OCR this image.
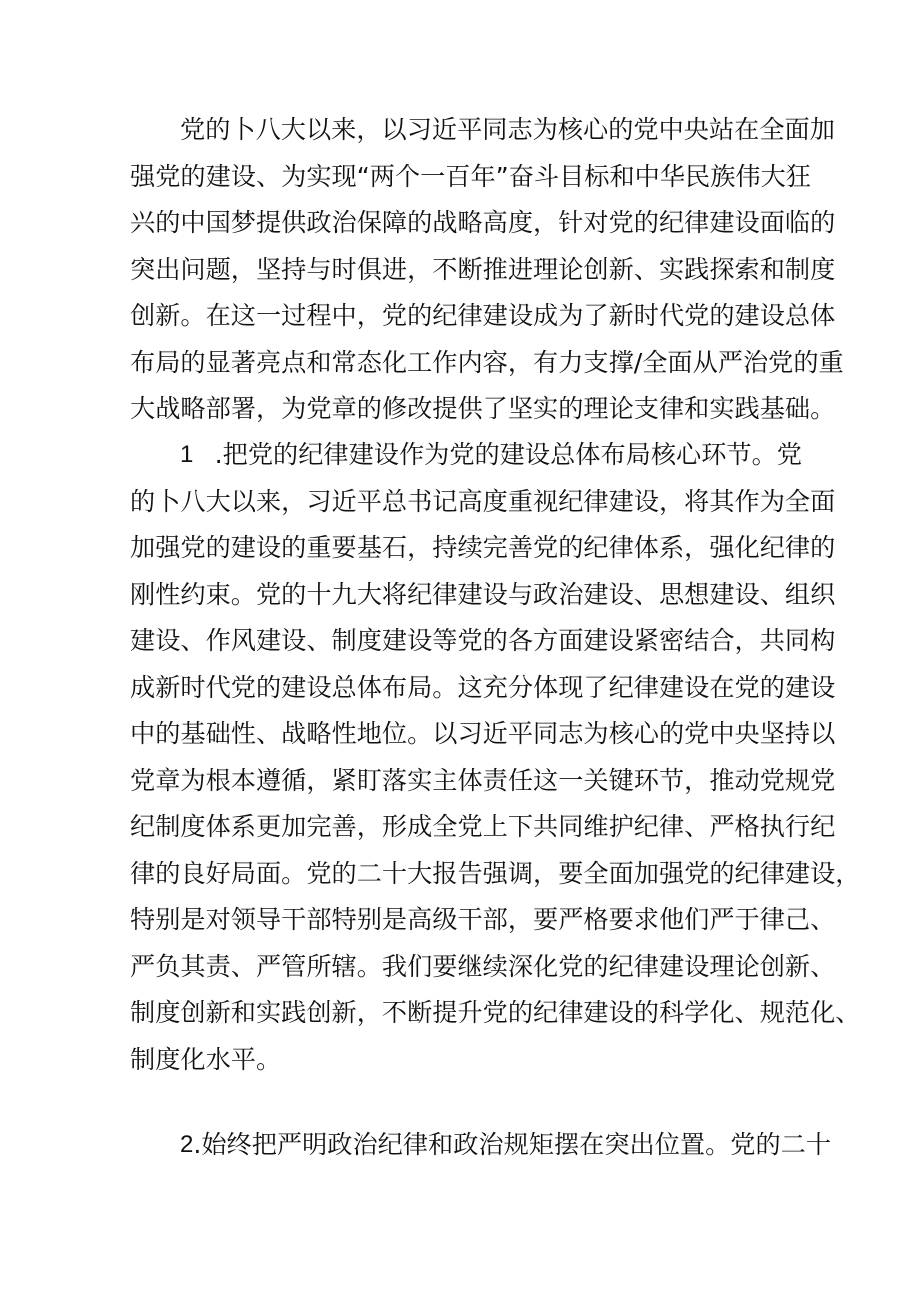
党的卜八大以来，以习近平同志为核心的党中央站在全面加
强党的建设、为实现“两个一百年”奋斗目标和中华民族伟大狂
兴的中国梦提供政治保障的战略高度，针对党的纪律建设面临的
突出问题，坚持与时俱进，不断推进理论创新、实践探索和制度
创新。在这一过程中，党的纪律建设成为了新时代党的建设总体
布局的显著亮点和常态化工作内容，有力支撑/全面从严治党的重
大战略部署，为党章的修改提供了坚实的理论支律和实践基础。
1 .把党的纪律建设作为党的建设总体布局核心环节。党
的卜八大以来，习近平总书记高度重视纪律建设，将其作为全面
加强党的建设的重要基石，持续完善党的纪律体系，强化纪律的
刚性约束。党的十九大将纪律建设与政治建设、思想建设、组织
建设、作风建设、制度建设等党的各方面建设紧密结合，共同构
成新时代党的建设总体布局。这充分体现了纪律建设在党的建设
中的基础性、战略性地位。以习近平同志为核心的党中央坚持以
党章为根本遵循，紧盯落实主体责任这一关键环节，推动党规党
纪制度体系更加完善，形成全党上下共同维护纪律、严格执行纪
律的良好局面。党的二十大报告强调，要全面加强党的纪律建设，
特别是对领导干部特别是高级干部，要严格要求他们严于律己、
严负其责、严管所辖。我们要继续深化党的纪律建设理论创新、
制度创新和实践创新，不断提升党的纪律建设的科学化、规范化、
制度化水平。
2 .始终把严明政治纪律和政治规矩摆在突出位置。党的二十
